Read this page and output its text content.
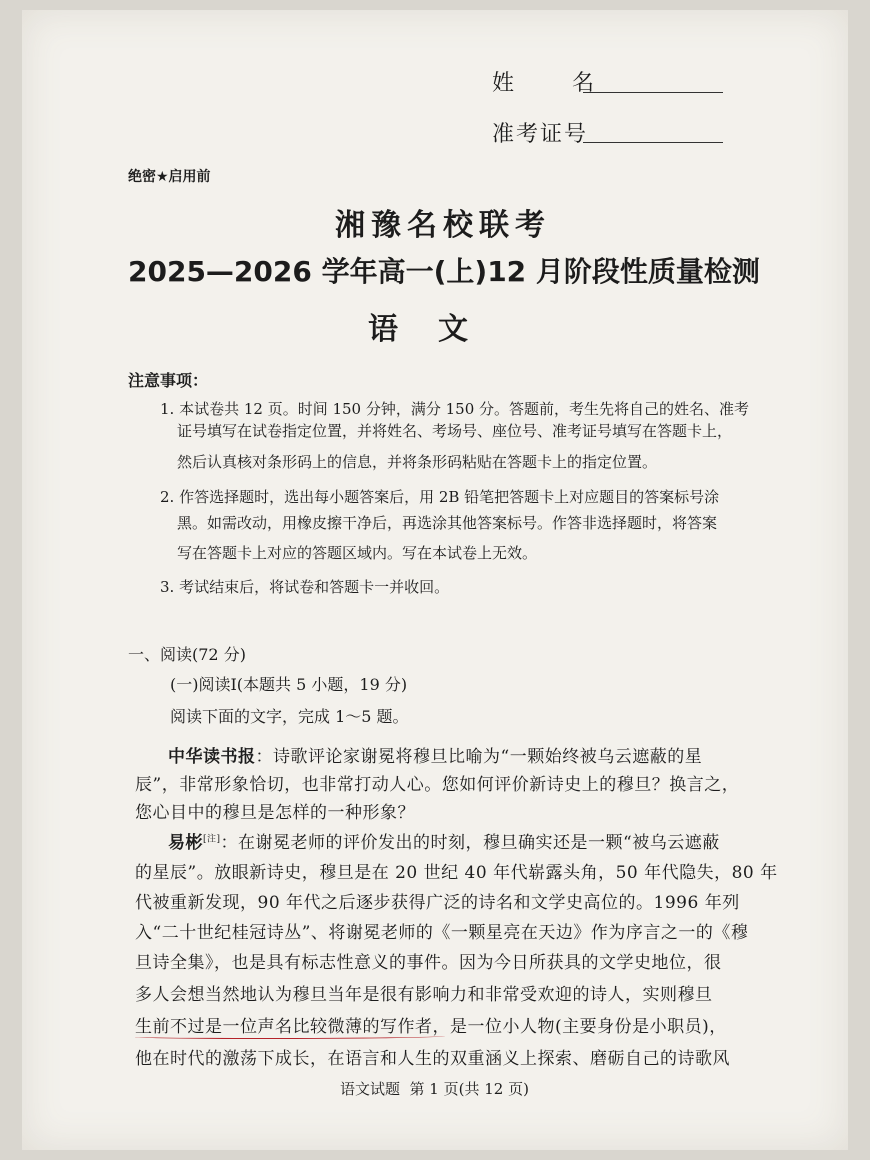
姓    名
准考证号
绝密★启用前
湘豫名校联考
2025—2026 学年高一(上)12 月阶段性质量检测
语文
注意事项：
1. 本试卷共 12 页。时间 150 分钟，满分 150 分。答题前，考生先将自己的姓名、准考
证号填写在试卷指定位置，并将姓名、考场号、座位号、准考证号填写在答题卡上，
然后认真核对条形码上的信息，并将条形码粘贴在答题卡上的指定位置。
2. 作答选择题时，选出每小题答案后，用 2B 铅笔把答题卡上对应题目的答案标号涂
黑。如需改动，用橡皮擦干净后，再选涂其他答案标号。作答非选择题时，将答案
写在答题卡上对应的答题区域内。写在本试卷上无效。
3. 考试结束后，将试卷和答题卡一并收回。
一、阅读(72 分)
(一)阅读Ⅰ(本题共 5 小题，19 分)
阅读下面的文字，完成 1～5 题。
中华读书报：诗歌评论家谢冕将穆旦比喻为“一颗始终被乌云遮蔽的星
辰”，非常形象恰切，也非常打动人心。您如何评价新诗史上的穆旦？换言之，
您心目中的穆旦是怎样的一种形象？
易彬[注]：在谢冕老师的评价发出的时刻，穆旦确实还是一颗“被乌云遮蔽
的星辰”。放眼新诗史，穆旦是在 20 世纪 40 年代崭露头角，50 年代隐失，80 年
代被重新发现，90 年代之后逐步获得广泛的诗名和文学史高位的。1996 年列
入“二十世纪桂冠诗丛”、将谢冕老师的《一颗星亮在天边》作为序言之一的《穆
旦诗全集》，也是具有标志性意义的事件。因为今日所获具的文学史地位，很
多人会想当然地认为穆旦当年是很有影响力和非常受欢迎的诗人，实则穆旦
生前不过是一位声名比较微薄的写作者，是一位小人物(主要身份是小职员)，
他在时代的激荡下成长，在语言和人生的双重涵义上探索、磨砺自己的诗歌风
语文试题  第 1 页(共 12 页)
